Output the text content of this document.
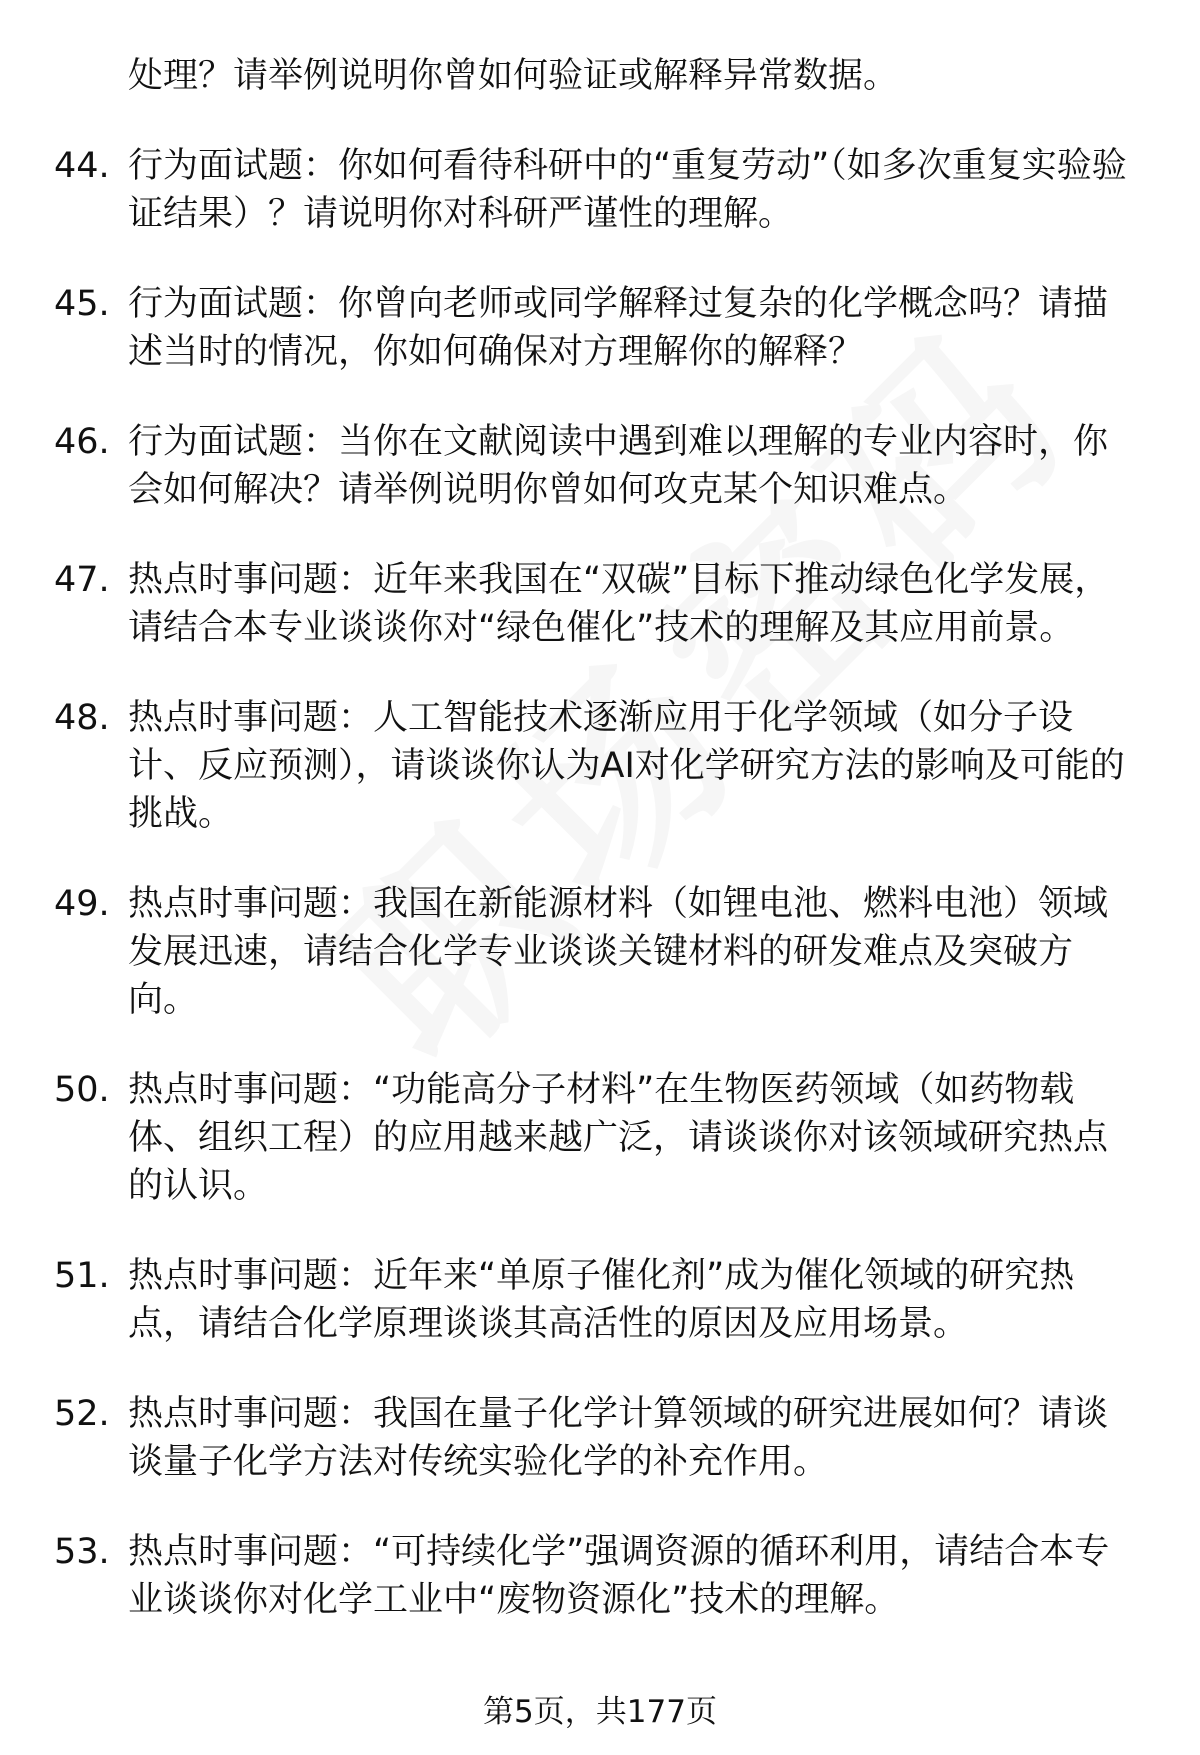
处理？请举例说明你曾如何验证或解释异常数据。
44. 行为面试题：你如何看待科研中的“重复劳动”（如多次重复实验验证结果）？请说明你对科研严谨性的理解。
45. 行为面试题：你曾向老师或同学解释过复杂的化学概念吗？请描述当时的情况，你如何确保对方理解你的解释？
46. 行为面试题：当你在文献阅读中遇到难以理解的专业内容时，你会如何解决？请举例说明你曾如何攻克某个知识难点。
47. 热点时事问题：近年来我国在“双碳”目标下推动绿色化学发展，请结合本专业谈谈你对“绿色催化”技术的理解及其应用前景。
48. 热点时事问题：人工智能技术逐渐应用于化学领域（如分子设计、反应预测），请谈谈你认为AI对化学研究方法的影响及可能的挑战。
49. 热点时事问题：我国在新能源材料（如锂电池、燃料电池）领域发展迅速，请结合化学专业谈谈关键材料的研发难点及突破方向。
50. 热点时事问题：“功能高分子材料”在生物医药领域（如药物载体、组织工程）的应用越来越广泛，请谈谈你对该领域研究热点的认识。
51. 热点时事问题：近年来“单原子催化剂”成为催化领域的研究热点，请结合化学原理谈谈其高活性的原因及应用场景。
52. 热点时事问题：我国在量子化学计算领域的研究进展如何？请谈谈量子化学方法对传统实验化学的补充作用。
53. 热点时事问题：“可持续化学”强调资源的循环利用，请结合本专业谈谈你对化学工业中“废物资源化”技术的理解。
第5页，共177页
